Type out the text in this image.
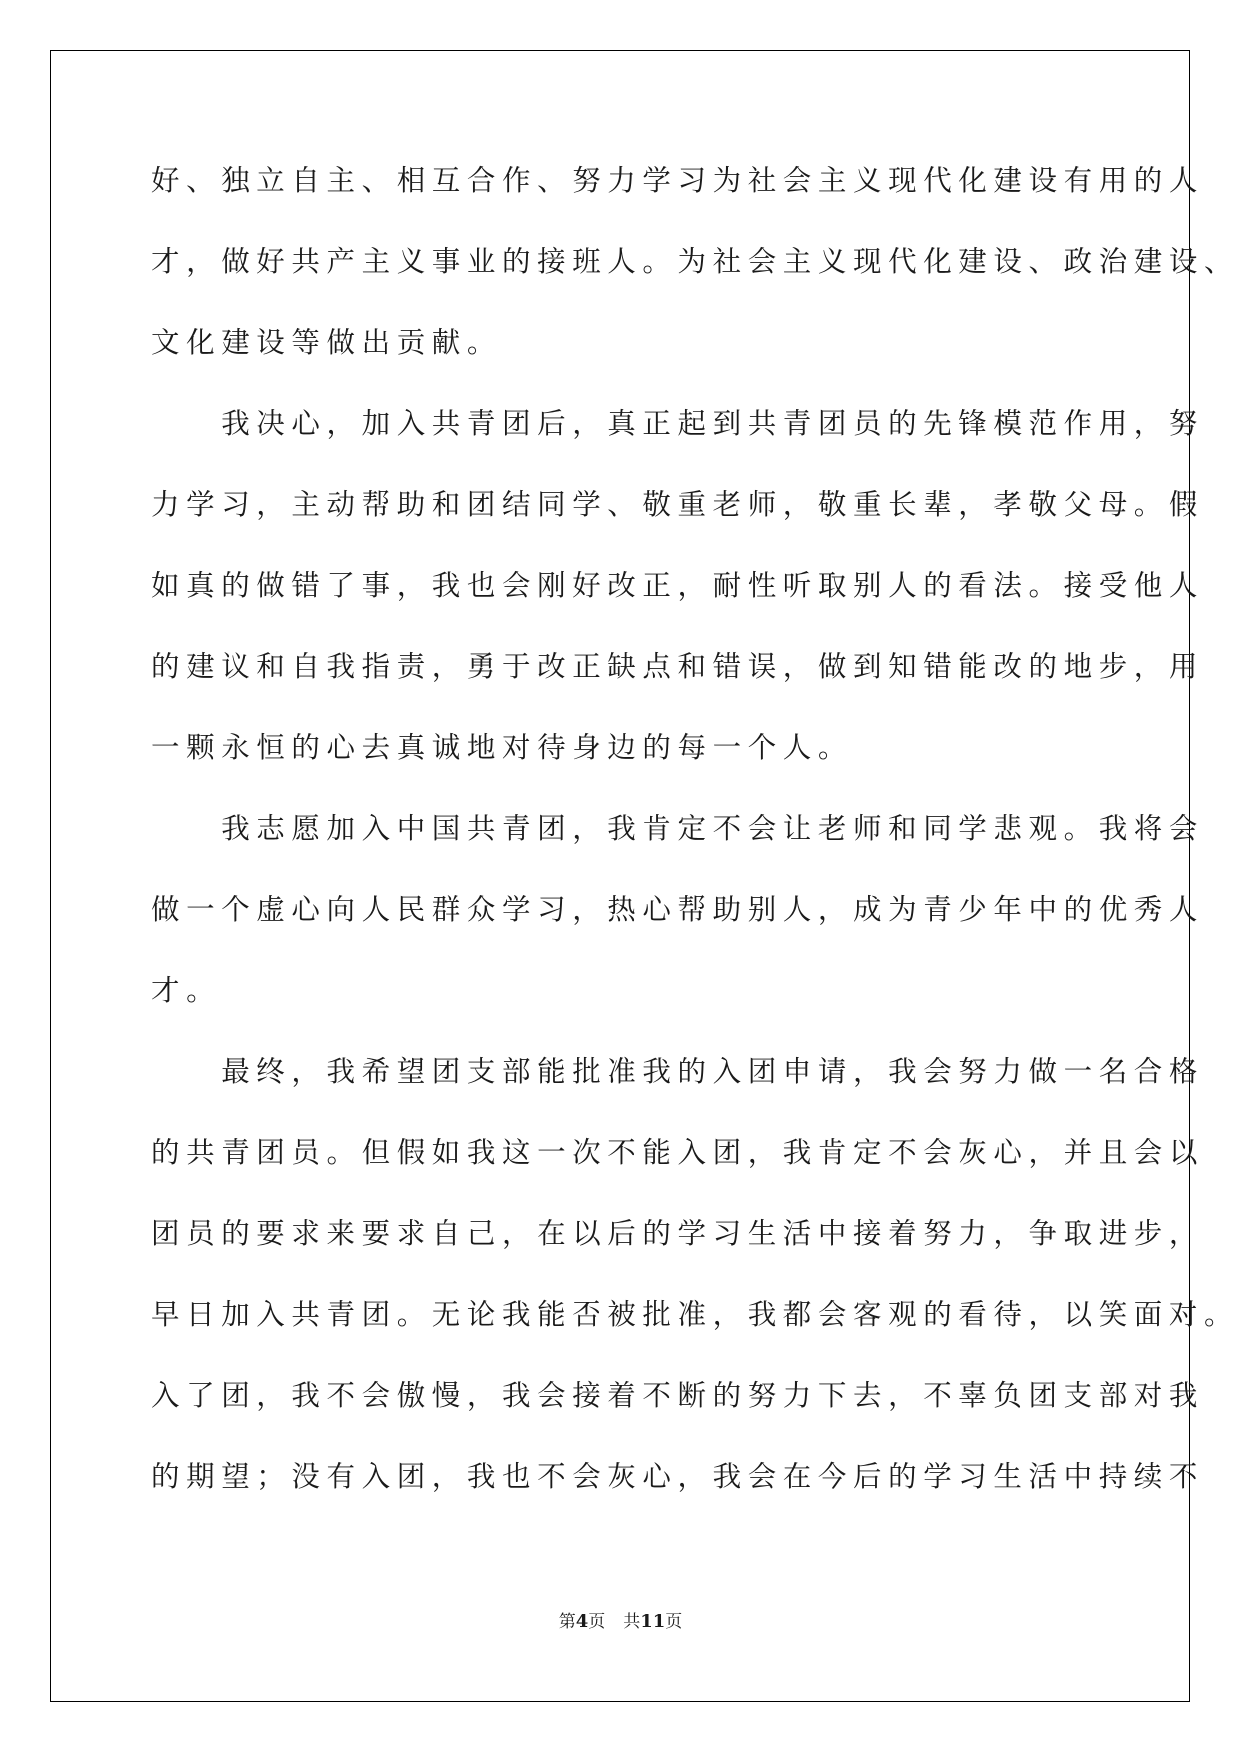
好、独立自主、相互合作、努力学习为社会主义现代化建设有用的人
才，做好共产主义事业的接班人。为社会主义现代化建设、政治建设、
文化建设等做出贡献。
　　我决心，加入共青团后，真正起到共青团员的先锋模范作用，努
力学习，主动帮助和团结同学、敬重老师，敬重长辈，孝敬父母。假
如真的做错了事，我也会刚好改正，耐性听取别人的看法。接受他人
的建议和自我指责，勇于改正缺点和错误，做到知错能改的地步，用
一颗永恒的心去真诚地对待身边的每一个人。
　　我志愿加入中国共青团，我肯定不会让老师和同学悲观。我将会
做一个虚心向人民群众学习，热心帮助别人，成为青少年中的优秀人
才。
　　最终，我希望团支部能批准我的入团申请，我会努力做一名合格
的共青团员。但假如我这一次不能入团，我肯定不会灰心，并且会以
团员的要求来要求自己，在以后的学习生活中接着努力，争取进步，
早日加入共青团。无论我能否被批准，我都会客观的看待，以笑面对。
入了团，我不会傲慢，我会接着不断的努力下去，不辜负团支部对我
的期望；没有入团，我也不会灰心，我会在今后的学习生活中持续不
第4页 共11页
